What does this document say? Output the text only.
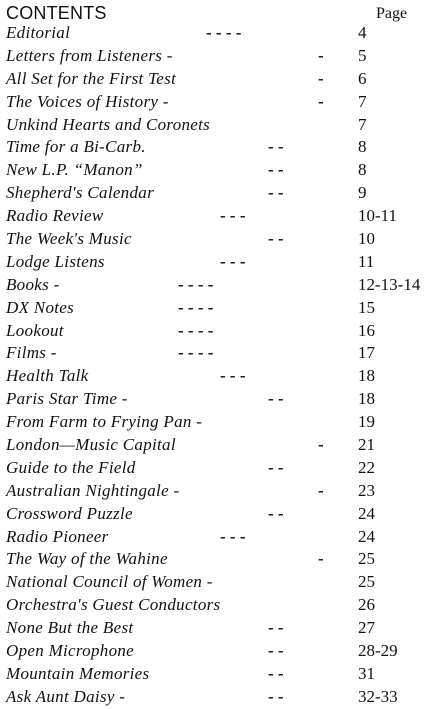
CONTENTS	Page
Editorial	- - - -	4
Letters from Listeners -	- 5
All Set for the First Test	- 6
The Voices of History -	- 7
Unkind Hearts and Coronets	7
Time for a Bi-Carb.	- -	8
New L.P. “Manon”	- -	8
Shepherd's Calendar	- -	9
Radio Review	- - -	10-11
The Week's Music	- -	10
Lodge Listens	- - -	11
Books -	- - - -	12-13-14
DX Notes	- - - -	15
Lookout	- - - -	16
Films -	- - - -	17
Health Talk	- - -	18
Paris Star Time -	- -	18
From Farm to Frying Pan -	19
London—Music Capital	- 21
Guide to the Field	- -	22
Australian Nightingale -	- 23
Crossword Puzzle	- -	24
Radio Pioneer	- - -	24
The Way of the Wahine	- 25
National Council of Women -	25
Orchestra's Guest Conductors	26
None But the Best	- -	27
Open Microphone	- -	28-29
Mountain Memories	- -	31
Ask Aunt Daisy -	- -	32-33
